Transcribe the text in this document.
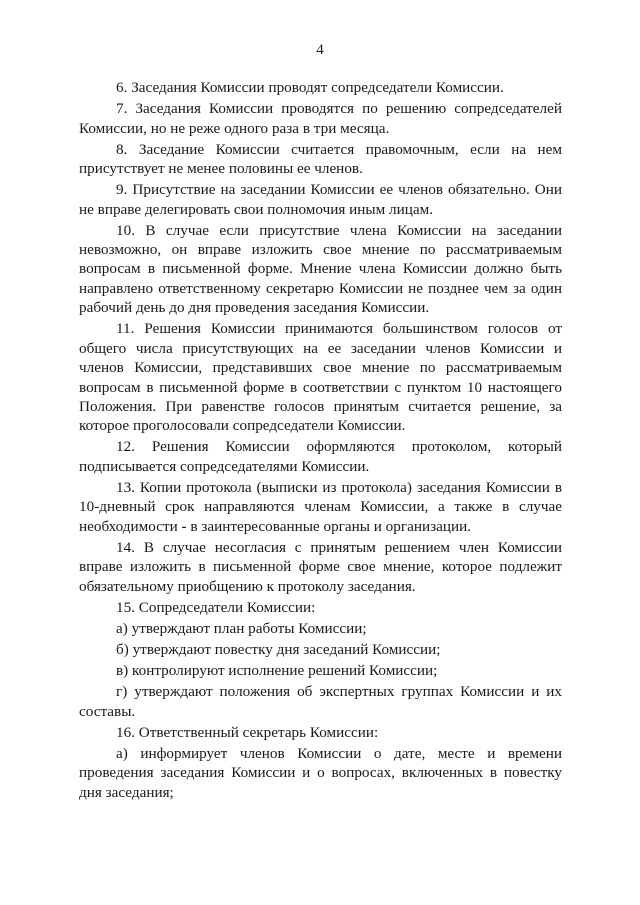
4

6. Заседания Комиссии проводят сопредседатели Комиссии.

7. Заседания Комиссии проводятся по решению сопредседателей Комиссии, но не реже одного раза в три месяца.

8. Заседание Комиссии считается правомочным, если на нем присутствует не менее половины ее членов.

9. Присутствие на заседании Комиссии ее членов обязательно. Они не вправе делегировать свои полномочия иным лицам.

10. В случае если присутствие члена Комиссии на заседании невозможно, он вправе изложить свое мнение по рассматриваемым вопросам в письменной форме. Мнение члена Комиссии должно быть направлено ответственному секретарю Комиссии не позднее чем за один рабочий день до дня проведения заседания Комиссии.

11. Решения Комиссии принимаются большинством голосов от общего числа присутствующих на ее заседании членов Комиссии и членов Комиссии, представивших свое мнение по рассматриваемым вопросам в письменной форме в соответствии с пунктом 10 настоящего Положения. При равенстве голосов принятым считается решение, за которое проголосовали сопредседатели Комиссии.

12. Решения Комиссии оформляются протоколом, который подписывается сопредседателями Комиссии.

13. Копии протокола (выписки из протокола) заседания Комиссии в 10-дневный срок направляются членам Комиссии, а также в случае необходимости - в заинтересованные органы и организации.

14. В случае несогласия с принятым решением член Комиссии вправе изложить в письменной форме свое мнение, которое подлежит обязательному приобщению к протоколу заседания.

15. Сопредседатели Комиссии:

а) утверждают план работы Комиссии;

б) утверждают повестку дня заседаний Комиссии;

в) контролируют исполнение решений Комиссии;

г) утверждают положения об экспертных группах Комиссии и их составы.

16. Ответственный секретарь Комиссии:

а) информирует членов Комиссии о дате, месте и времени проведения заседания Комиссии и о вопросах, включенных в повестку дня заседания;
